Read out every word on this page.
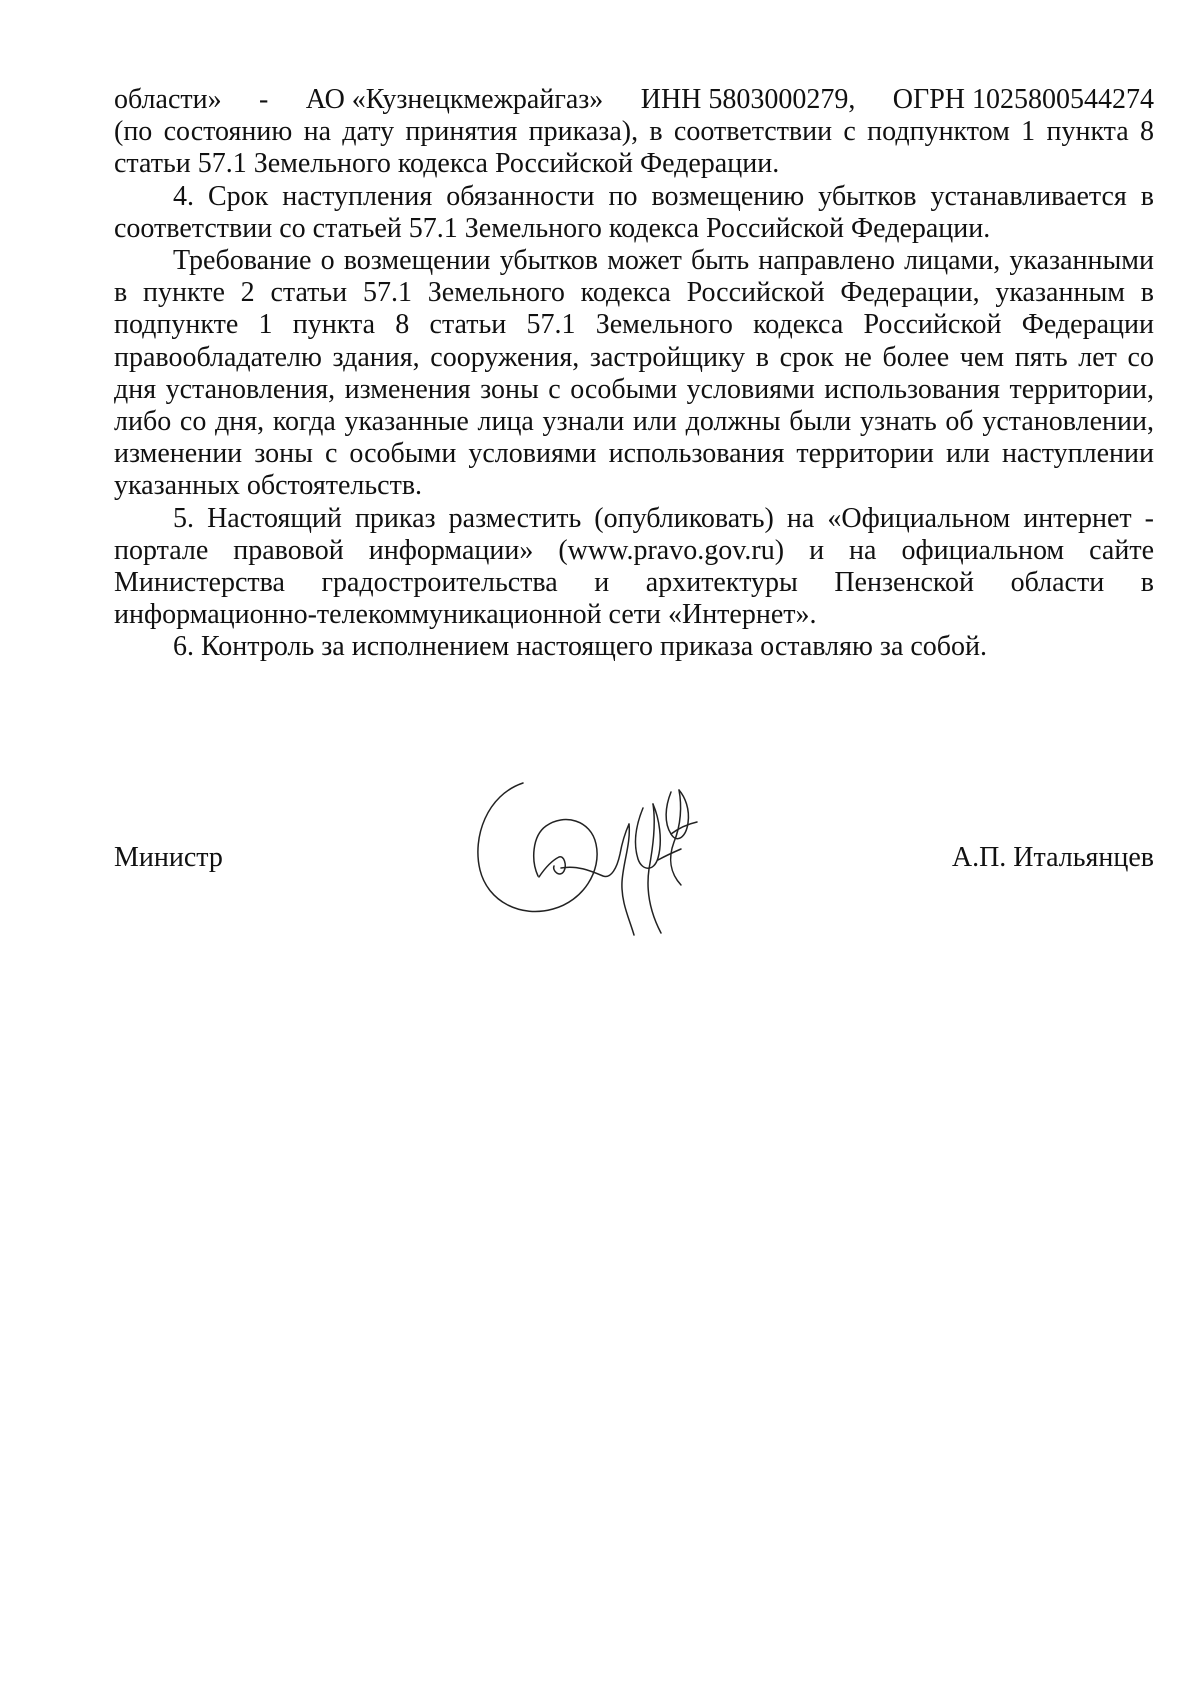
области» - АО «Кузнецкмежрайгаз» ИНН 5803000279, ОГРН 1025800544274
(по состоянию на дату принятия приказа), в соответствии с подпунктом 1 пункта 8 статьи 57.1 Земельного кодекса Российской Федерации.

4. Срок наступления обязанности по возмещению убытков устанавливается в соответствии со статьей 57.1 Земельного кодекса Российской Федерации.

Требование о возмещении убытков может быть направлено лицами, указанными в пункте 2 статьи 57.1 Земельного кодекса Российской Федерации, указанным в подпункте 1 пункта 8 статьи 57.1 Земельного кодекса Российской Федерации правообладателю здания, сооружения, застройщику в срок не более чем пять лет со дня установления, изменения зоны с особыми условиями использования территории, либо со дня, когда указанные лица узнали или должны были узнать об установлении, изменении зоны с особыми условиями использования территории или наступлении указанных обстоятельств.

5. Настоящий приказ разместить (опубликовать) на «Официальном интернет - портале правовой информации» (www.pravo.gov.ru) и на официальном сайте Министерства градостроительства и архитектуры Пензенской области в информационно-телекоммуникационной сети «Интернет».

6. Контроль за исполнением настоящего приказа оставляю за собой.

Министр	А.П. Итальянцев
